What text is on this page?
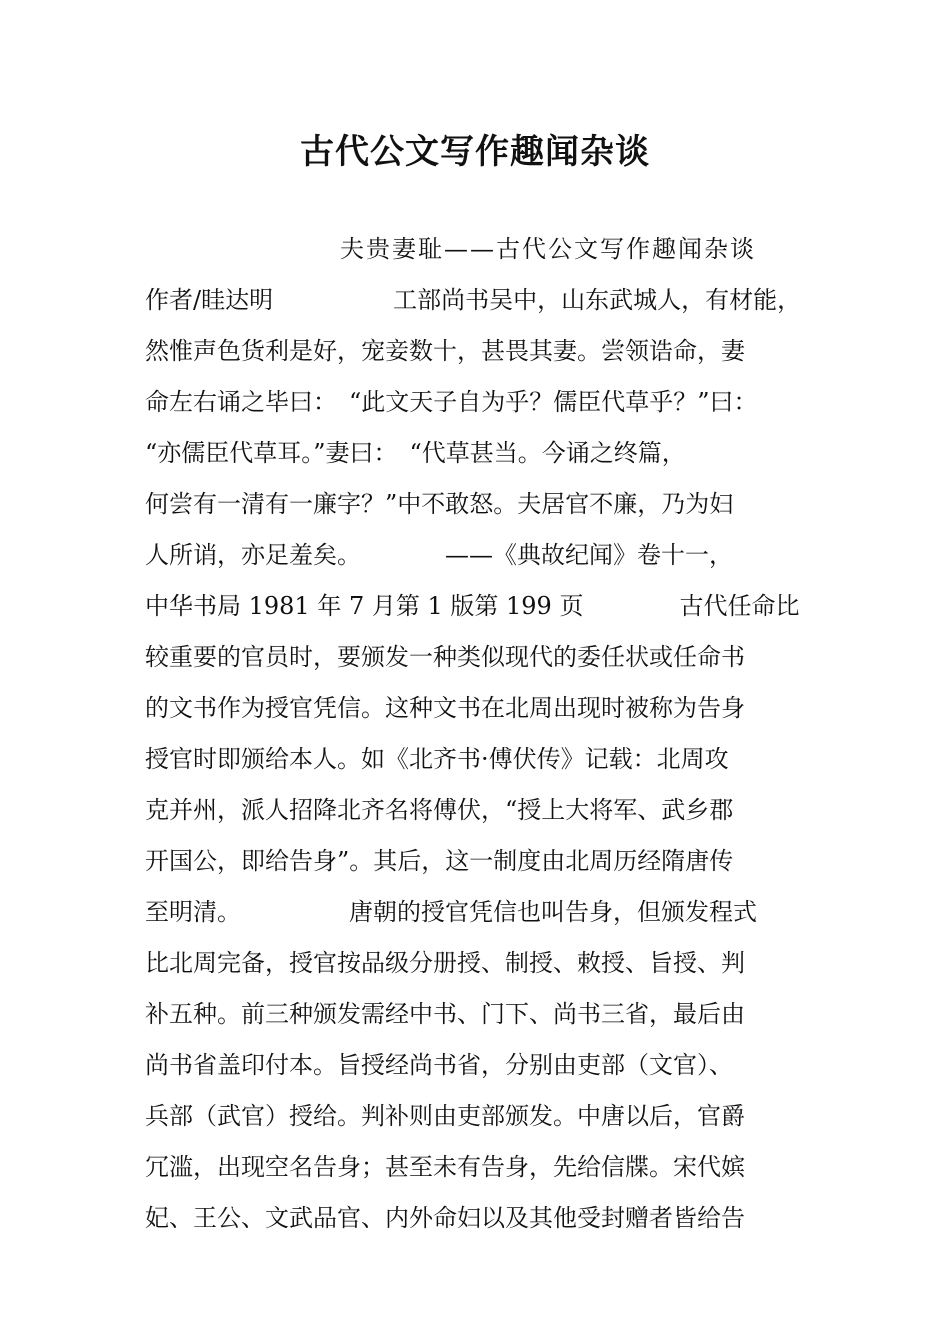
古代公文写作趣闻杂谈
夫贵妻耻——古代公文写作趣闻杂谈
作者/眭达明　　　　　工部尚书吴中，山东武城人，有材能，
然惟声色货利是好，宠妾数十，甚畏其妻。尝领诰命，妻
命左右诵之毕曰：　“此文天子自为乎？儒臣代草乎？”曰：
“亦儒臣代草耳。”妻曰：　“代草甚当。今诵之终篇，
何尝有一清有一廉字？”中不敢怒。夫居官不廉，乃为妇
人所诮，亦足羞矣。　　　　——《典故纪闻》卷十一，
中华书局 1981 年 7 月第 1 版第 199 页　　　　古代任命比
较重要的官员时，要颁发一种类似现代的委任状或任命书
的文书作为授官凭信。这种文书在北周出现时被称为告身
授官时即颁给本人。如《北齐书·傅伏传》记载：北周攻
克并州，派人招降北齐名将傅伏，“授上大将军、武乡郡
开国公，即给告身”。其后，这一制度由北周历经隋唐传
至明清。　　　　　唐朝的授官凭信也叫告身，但颁发程式
比北周完备，授官按品级分册授、制授、敕授、旨授、判
补五种。前三种颁发需经中书、门下、尚书三省，最后由
尚书省盖印付本。旨授经尚书省，分别由吏部（文官）、
兵部（武官）授给。判补则由吏部颁发。中唐以后，官爵
冗滥，出现空名告身；甚至未有告身，先给信牒。宋代嫔
妃、王公、文武品官、内外命妇以及其他受封赠者皆给告
